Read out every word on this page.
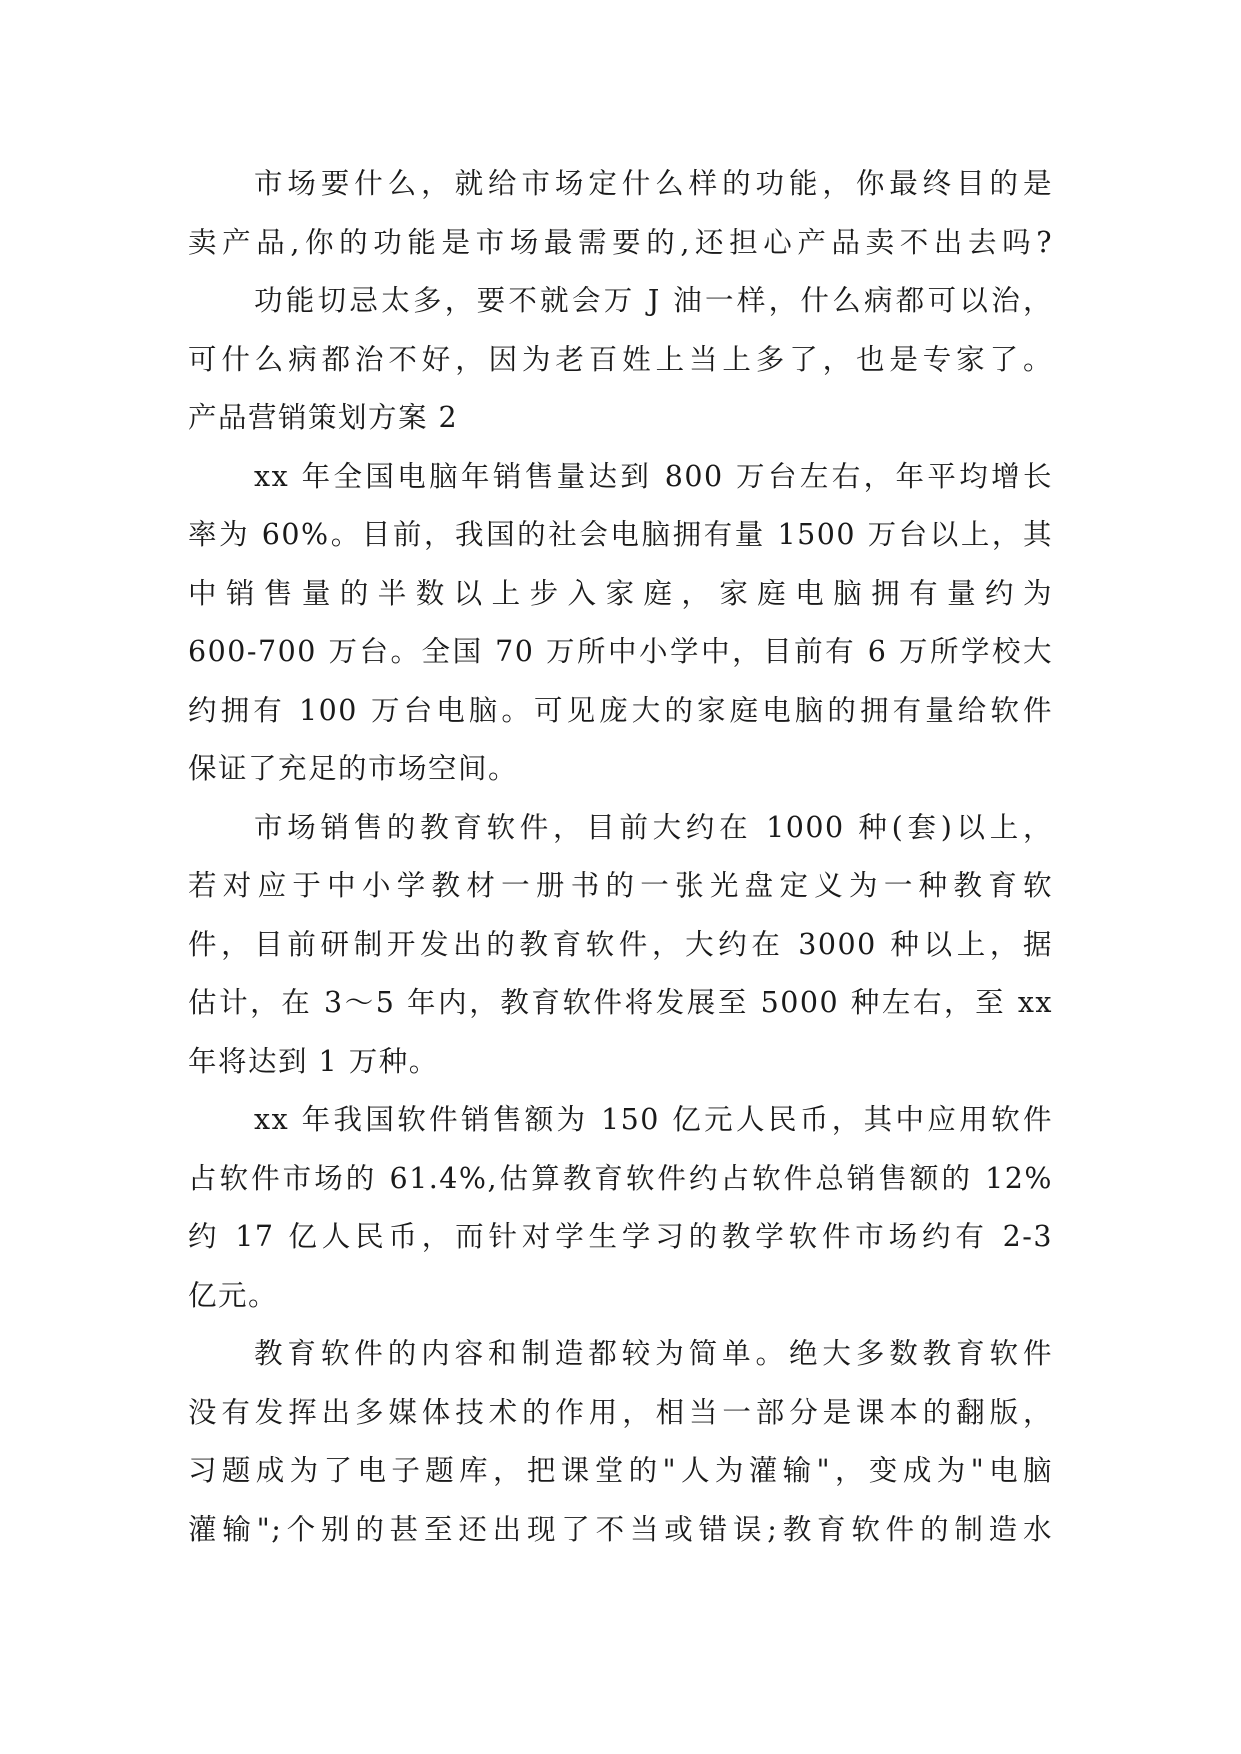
市场要什么，就给市场定什么样的功能，你最终目的是
卖产品,你的功能是市场最需要的,还担心产品卖不出去吗?
功能切忌太多，要不就会万 J 油一样，什么病都可以治，
可什么病都治不好，因为老百姓上当上多了，也是专家了。
产品营销策划方案 2
xx 年全国电脑年销售量达到 800 万台左右，年平均增长
率为 60%。目前，我国的社会电脑拥有量 1500 万台以上，其
中销售量的半数以上步入家庭，家庭电脑拥有量约为
600-700 万台。全国 70 万所中小学中，目前有 6 万所学校大
约拥有 100 万台电脑。可见庞大的家庭电脑的拥有量给软件
保证了充足的市场空间。
市场销售的教育软件，目前大约在 1000 种(套)以上，
若对应于中小学教材一册书的一张光盘定义为一种教育软
件，目前研制开发出的教育软件，大约在 3000 种以上，据
估计，在 3～5 年内，教育软件将发展至 5000 种左右，至 xx
年将达到 1 万种。
xx 年我国软件销售额为 150 亿元人民币，其中应用软件
占软件市场的 61.4%,估算教育软件约占软件总销售额的 12%
约 17 亿人民币，而针对学生学习的教学软件市场约有 2-3
亿元。
教育软件的内容和制造都较为简单。绝大多数教育软件
没有发挥出多媒体技术的作用，相当一部分是课本的翻版，
习题成为了电子题库，把课堂的"人为灌输"，变成为"电脑
灌输";个别的甚至还出现了不当或错误;教育软件的制造水
